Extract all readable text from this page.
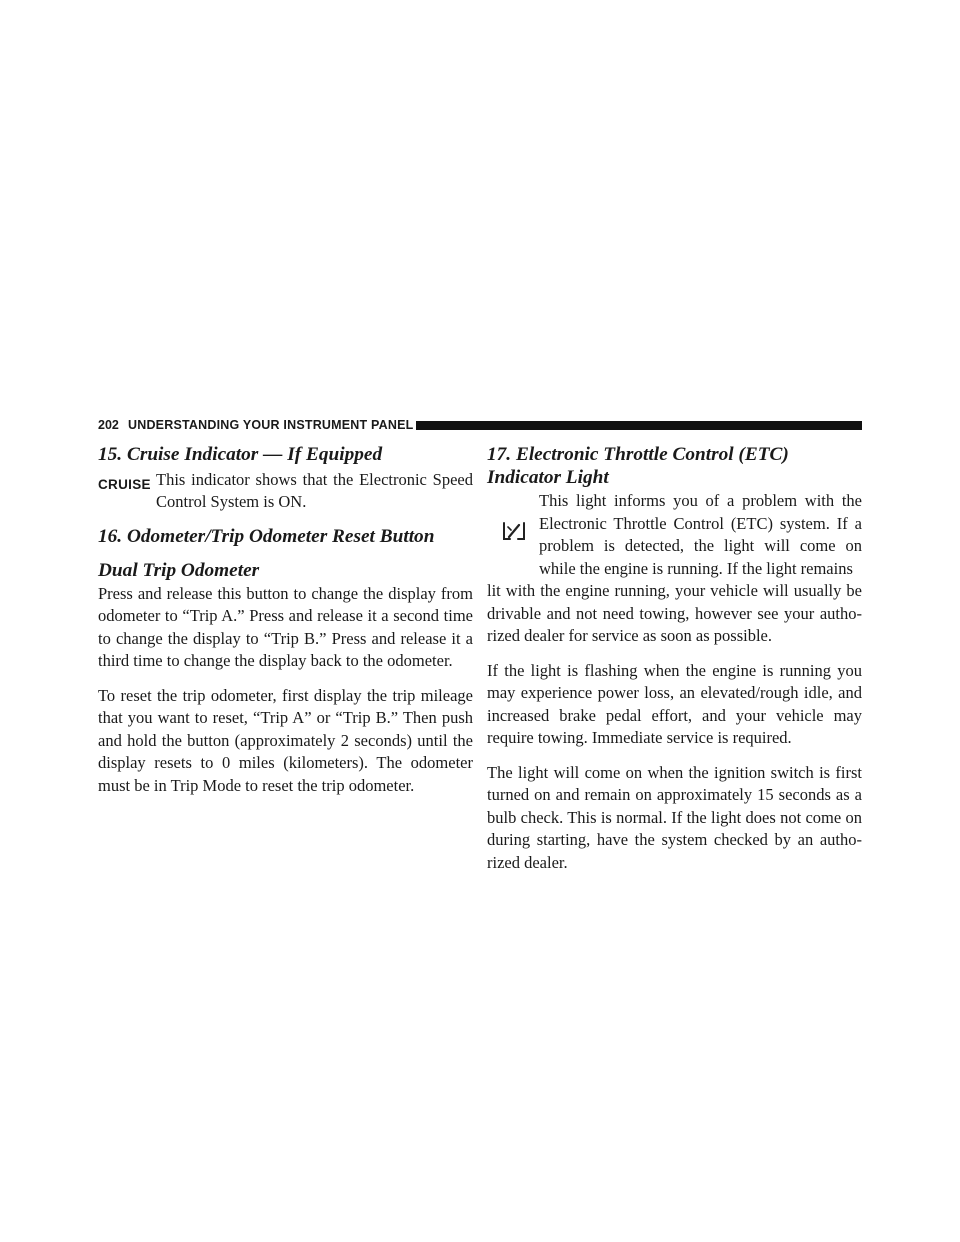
202 UNDERSTANDING YOUR INSTRUMENT PANEL
15. Cruise Indicator — If Equipped
CRUISE This indicator shows that the Electronic Speed Control System is ON.

16. Odometer/Trip Odometer Reset Button
Dual Trip Odometer

Press and release this button to change the display from odometer to “Trip A.” Press and release it a second time to change the display to “Trip B.” Press and release it a third time to change the display back to the odometer.

To reset the trip odometer, first display the trip mileage that you want to reset, “Trip A” or “Trip B.” Then push and hold the button (approximately 2 seconds) until the display resets to 0 miles (kilometers). The odometer must be in Trip Mode to reset the trip odometer.

17. Electronic Throttle Control (ETC) Indicator Light

This light informs you of a problem with the Electronic Throttle Control (ETC) system. If a problem is detected, the light will come on while the engine is running. If the light remains

lit with the engine running, your vehicle will usually be drivable and not need towing, however see your authorized dealer for service as soon as possible.

If the light is flashing when the engine is running you may experience power loss, an elevated/rough idle, and increased brake pedal effort, and your vehicle may require towing. Immediate service is required.

The light will come on when the ignition switch is first turned on and remain on approximately 15 seconds as a bulb check. This is normal. If the light does not come on during starting, have the system checked by an authorized dealer.
